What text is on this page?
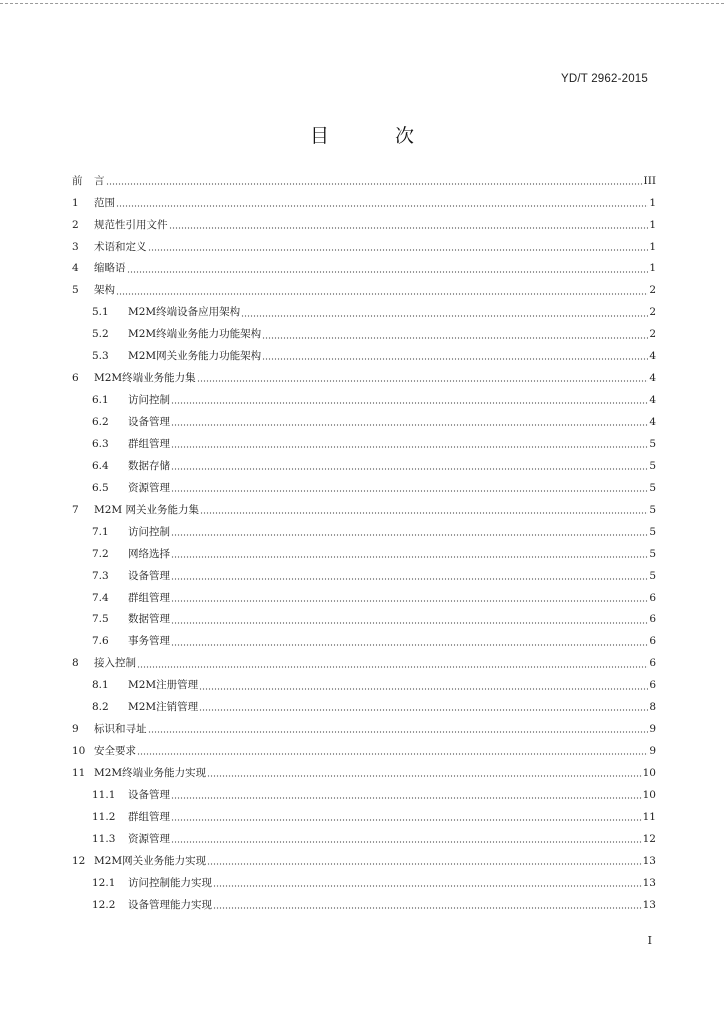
YD/T 2962-2015
目 次
前	言	III
1	范围	1
2	规范性引用文件	1
3	术语和定义	1
4	缩略语	1
5	架构	2
5.1	M2M终端设备应用架构	2
5.2	M2M终端业务能力功能架构	2
5.3	M2M网关业务能力功能架构	4
6	M2M终端业务能力集	4
6.1	访问控制	4
6.2	设备管理	4
6.3	群组管理	5
6.4	数据存储	5
6.5	资源管理	5
7	M2M 网关业务能力集	5
7.1	访问控制	5
7.2	网络选择	5
7.3	设备管理	5
7.4	群组管理	6
7.5	数据管理	6
7.6	事务管理	6
8	接入控制	6
8.1	M2M注册管理	6
8.2	M2M注销管理	8
9	标识和寻址	9
10 安全要求	9
11 M2M终端业务能力实现	10
11.1	设备管理	10
11.2	群组管理	11
11.3	资源管理	12
12 M2M网关业务能力实现	13
12.1	访问控制能力实现	13
12.2	设备管理能力实现	13
I
